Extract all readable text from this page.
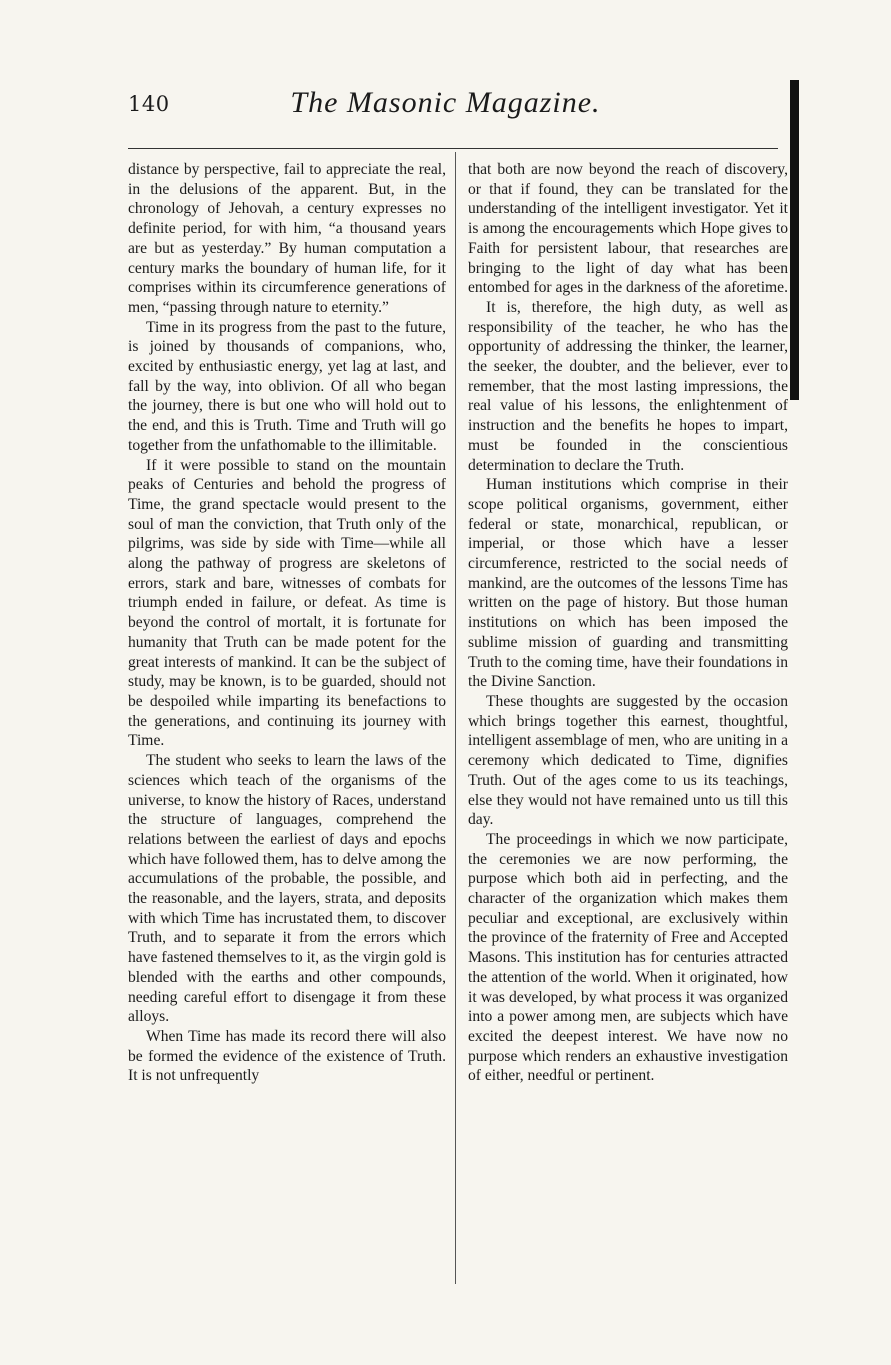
140	The Masonic Magazine.

distance by perspective, fail to appreciate the real, in the delusions of the apparent. But, in the chronology of Jehovah, a century expresses no definite period, for with him, “a thousand years are but as yesterday.” By human computation a century marks the boundary of human life, for it comprises within its circumference generations of men, “passing through nature to eternity.”

Time in its progress from the past to the future, is joined by thousands of companions, who, excited by enthusiastic energy, yet lag at last, and fall by the way, into oblivion. Of all who began the journey, there is but one who will hold out to the end, and this is Truth. Time and Truth will go together from the unfathomable to the illimitable.

If it were possible to stand on the mountain peaks of Centuries and behold the progress of Time, the grand spectacle would present to the soul of man the conviction, that Truth only of the pilgrims, was side by side with Time—while all along the pathway of progress are skeletons of errors, stark and bare, witnesses of combats for triumph ended in failure, or defeat. As time is beyond the control of mortalt, it is fortunate for humanity that Truth can be made potent for the great interests of mankind. It can be the subject of study, may be known, is to be guarded, should not be despoiled while imparting its benefactions to the generations, and continuing its journey with Time.

The student who seeks to learn the laws of the sciences which teach of the organisms of the universe, to know the history of Races, understand the structure of languages, comprehend the relations between the earliest of days and epochs which have followed them, has to delve among the accumulations of the probable, the possible, and the reasonable, and the layers, strata, and deposits with which Time has incrustated them, to discover Truth, and to separate it from the errors which have fastened themselves to it, as the virgin gold is blended with the earths and other compounds, needing careful effort to disengage it from these alloys.

When Time has made its record there will also be formed the evidence of the existence of Truth. It is not unfrequently

that both are now beyond the reach of discovery, or that if found, they can be translated for the understanding of the intelligent investigator. Yet it is among the encouragements which Hope gives to Faith for persistent labour, that researches are bringing to the light of day what has been entombed for ages in the darkness of the aforetime.

It is, therefore, the high duty, as well as responsibility of the teacher, he who has the opportunity of addressing the thinker, the learner, the seeker, the doubter, and the believer, ever to remember, that the most lasting impressions, the real value of his lessons, the enlightenment of instruction and the benefits he hopes to impart, must be founded in the conscientious determination to declare the Truth.

Human institutions which comprise in their scope political organisms, government, either federal or state, monarchical, republican, or imperial, or those which have a lesser circumference, restricted to the social needs of mankind, are the outcomes of the lessons Time has written on the page of history. But those human institutions on which has been imposed the sublime mission of guarding and transmitting Truth to the coming time, have their foundations in the Divine Sanction.

These thoughts are suggested by the occasion which brings together this earnest, thoughtful, intelligent assemblage of men, who are uniting in a ceremony which dedicated to Time, dignifies Truth. Out of the ages come to us its teachings, else they would not have remained unto us till this day.

The proceedings in which we now participate, the ceremonies we are now performing, the purpose which both aid in perfecting, and the character of the organization which makes them peculiar and exceptional, are exclusively within the province of the fraternity of Free and Accepted Masons. This institution has for centuries attracted the attention of the world. When it originated, how it was developed, by what process it was organized into a power among men, are subjects which have excited the deepest interest. We have now no purpose which renders an exhaustive investigation of either, needful or pertinent.
